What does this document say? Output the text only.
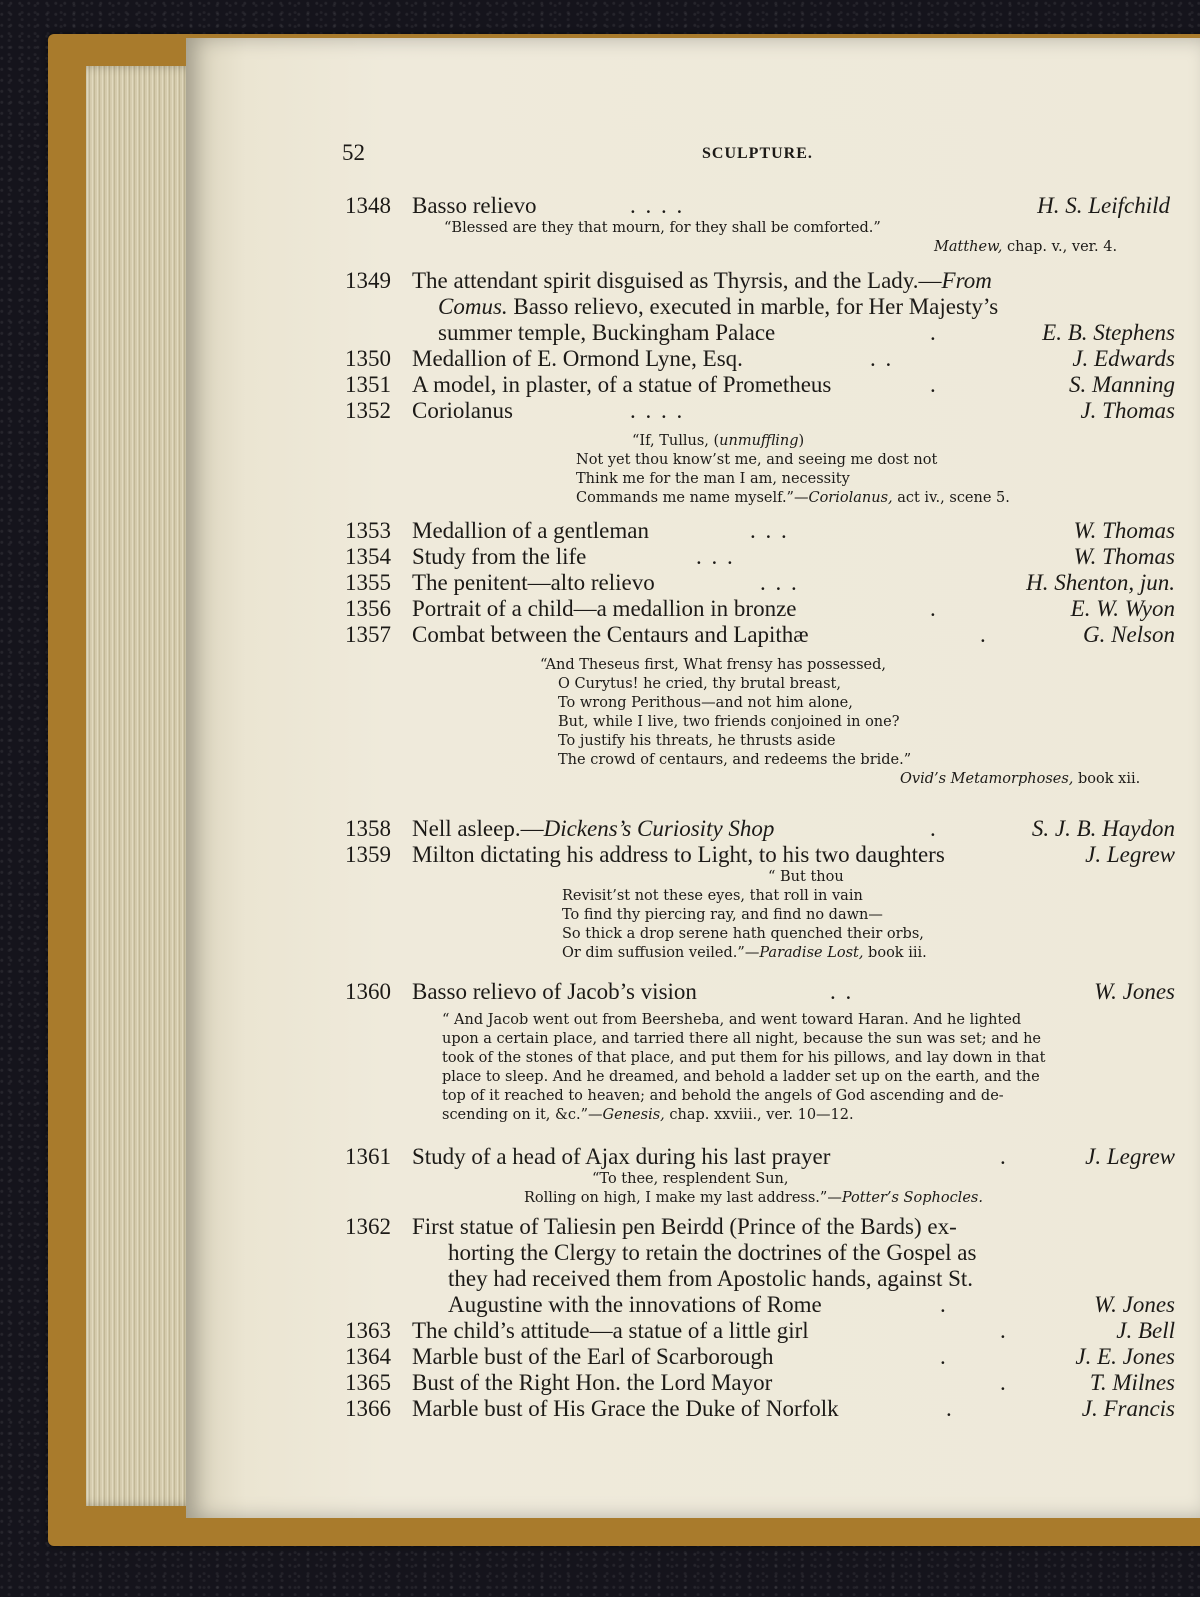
52	SCULPTURE.
1348 Basso relievo	. . . .	H. S. Leifchild
“Blessed are they that mourn, for they shall be comforted.”
Matthew, chap. v., ver. 4.
1349 The attendant spirit disguised as Thyrsis, and the Lady.—From
Comus. Basso relievo, executed in marble, for Her Majesty’s
summer temple, Buckingham Palace	.	E. B. Stephens
1350 Medallion of E. Ormond Lyne, Esq.	. .	J. Edwards
1351 A model, in plaster, of a statue of Prometheus	.	S. Manning
1352 Coriolanus	. . . .	J. Thomas
“If, Tullus, (unmuffling)
Not yet thou know’st me, and seeing me dost not
Think me for the man I am, necessity
Commands me name myself.”—Coriolanus, act iv., scene 5.
1353 Medallion of a gentleman	. . .	W. Thomas
1354 Study from the life	. . .	W. Thomas
1355 The penitent—alto relievo	. . .	H. Shenton, jun.
1356 Portrait of a child—a medallion in bronze	.	E. W. Wyon
1357 Combat between the Centaurs and Lapithæ	.	G. Nelson
“And Theseus first, What frensy has possessed,
O Curytus! he cried, thy brutal breast,
To wrong Perithous—and not him alone,
But, while I live, two friends conjoined in one?
To justify his threats, he thrusts aside
The crowd of centaurs, and redeems the bride.”
Ovid’s Metamorphoses, book xii.
1358 Nell asleep.—Dickens’s Curiosity Shop	.	S. J. B. Haydon
1359 Milton dictating his address to Light, to his two daughters	J. Legrew
“ But thou
Revisit’st not these eyes, that roll in vain
To find thy piercing ray, and find no dawn—
So thick a drop serene hath quenched their orbs,
Or dim suffusion veiled.”—Paradise Lost, book iii.
1360 Basso relievo of Jacob’s vision	. .	W. Jones
“ And Jacob went out from Beersheba, and went toward Haran. And he lighted
upon a certain place, and tarried there all night, because the sun was set; and he
took of the stones of that place, and put them for his pillows, and lay down in that
place to sleep. And he dreamed, and behold a ladder set up on the earth, and the
top of it reached to heaven; and behold the angels of God ascending and de-
scending on it, &c.”—Genesis, chap. xxviii., ver. 10—12.
1361 Study of a head of Ajax during his last prayer	.	J. Legrew
“To thee, resplendent Sun,
Rolling on high, I make my last address.”—Potter’s Sophocles.
1362 First statue of Taliesin pen Beirdd (Prince of the Bards) ex-
horting the Clergy to retain the doctrines of the Gospel as
they had received them from Apostolic hands, against St.
Augustine with the innovations of Rome	.	W. Jones
1363 The child’s attitude—a statue of a little girl	.	J. Bell
1364 Marble bust of the Earl of Scarborough	.	J. E. Jones
1365 Bust of the Right Hon. the Lord Mayor	.	T. Milnes
1366 Marble bust of His Grace the Duke of Norfolk	.	J. Francis
